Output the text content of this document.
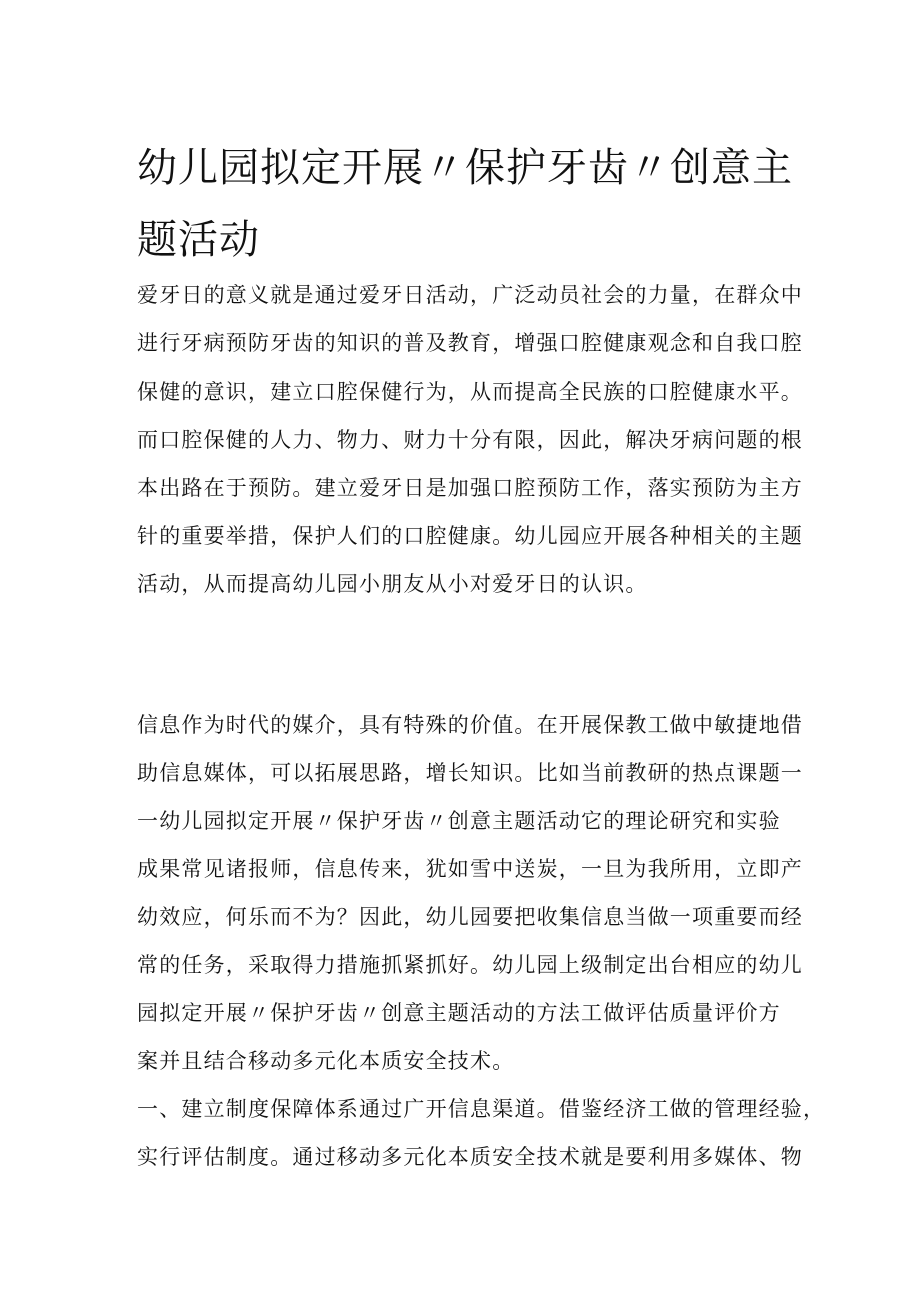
幼儿园拟定开展〃保护牙齿〃创意主题活动

爱牙日的意义就是通过爱牙日活动，广泛动员社会的力量，在群众中

进行牙病预防牙齿的知识的普及教育，增强口腔健康观念和自我口腔

保健的意识，建立口腔保健行为，从而提高全民族的口腔健康水平。

而口腔保健的人力、物力、财力十分有限，因此，解决牙病问题的根

本出路在于预防。建立爱牙日是加强口腔预防工作，落实预防为主方

针的重要举措，保护人们的口腔健康。幼儿园应开展各种相关的主题

活动，从而提高幼儿园小朋友从小对爱牙日的认识。

信息作为时代的媒介，具有特殊的价值。在开展保教工做中敏捷地借

助信息媒体，可以拓展思路，增长知识。比如当前教研的热点课题一

一幼儿园拟定开展〃保护牙齿〃创意主题活动它的理论研究和实验

成果常见诸报师，信息传来，犹如雪中送炭，一旦为我所用，立即产

幼效应，何乐而不为？因此，幼儿园要把收集信息当做一项重要而经

常的任务，采取得力措施抓紧抓好。幼儿园上级制定出台相应的幼儿

园拟定开展〃保护牙齿〃创意主题活动的方法工做评估质量评价方

案并且结合移动多元化本质安全技术。

一、建立制度保障体系通过广开信息渠道。借鉴经济工做的管理经验，

实行评估制度。通过移动多元化本质安全技术就是要利用多媒体、物
